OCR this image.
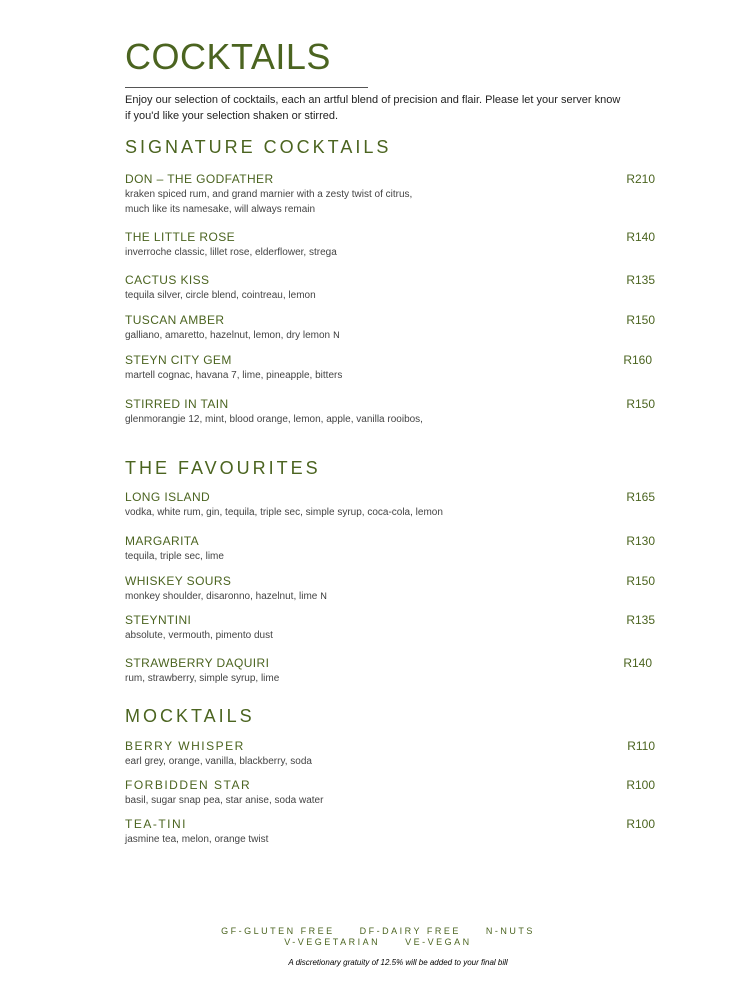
COCKTAILS
Enjoy our selection of cocktails, each an artful blend of precision and flair. Please let your server know if you'd like your selection shaken or stirred.
SIGNATURE COCKTAILS
DON – THE GODFATHER	R210
kraken spiced rum, and grand marnier with a zesty twist of citrus, much like its namesake, will always remain
THE LITTLE ROSE	R140
inverroche classic, lillet rose, elderflower, strega
CACTUS KISS	R135
tequila silver, circle blend, cointreau, lemon
TUSCAN AMBER	R150
galliano, amaretto, hazelnut, lemon, dry lemon N
STEYN CITY GEM	R160
martell cognac, havana 7, lime, pineapple, bitters
STIRRED IN TAIN	R150
glenmorangie 12, mint, blood orange, lemon, apple, vanilla rooibos,
THE FAVOURITES
LONG ISLAND	R165
vodka, white rum, gin, tequila, triple sec, simple syrup, coca-cola, lemon
MARGARITA	R130
tequila, triple sec, lime
WHISKEY SOURS	R150
monkey shoulder, disaronno, hazelnut, lime N
STEYNTINI	R135
absolute, vermouth, pimento dust
STRAWBERRY DAQUIRI	R140
rum, strawberry, simple syrup, lime
MOCKTAILS
BERRY WHISPER	R110
earl grey, orange, vanilla, blackberry, soda
FORBIDDEN STAR	R100
basil, sugar snap pea, star anise, soda water
TEA-TINI	R100
jasmine tea, melon, orange twist
GF-GLUTEN FREE	DF-DAIRY FREE	N-NUTS
V-VEGETARIAN	VE-VEGAN
A discretionary gratuity of 12.5% will be added to your final bill
